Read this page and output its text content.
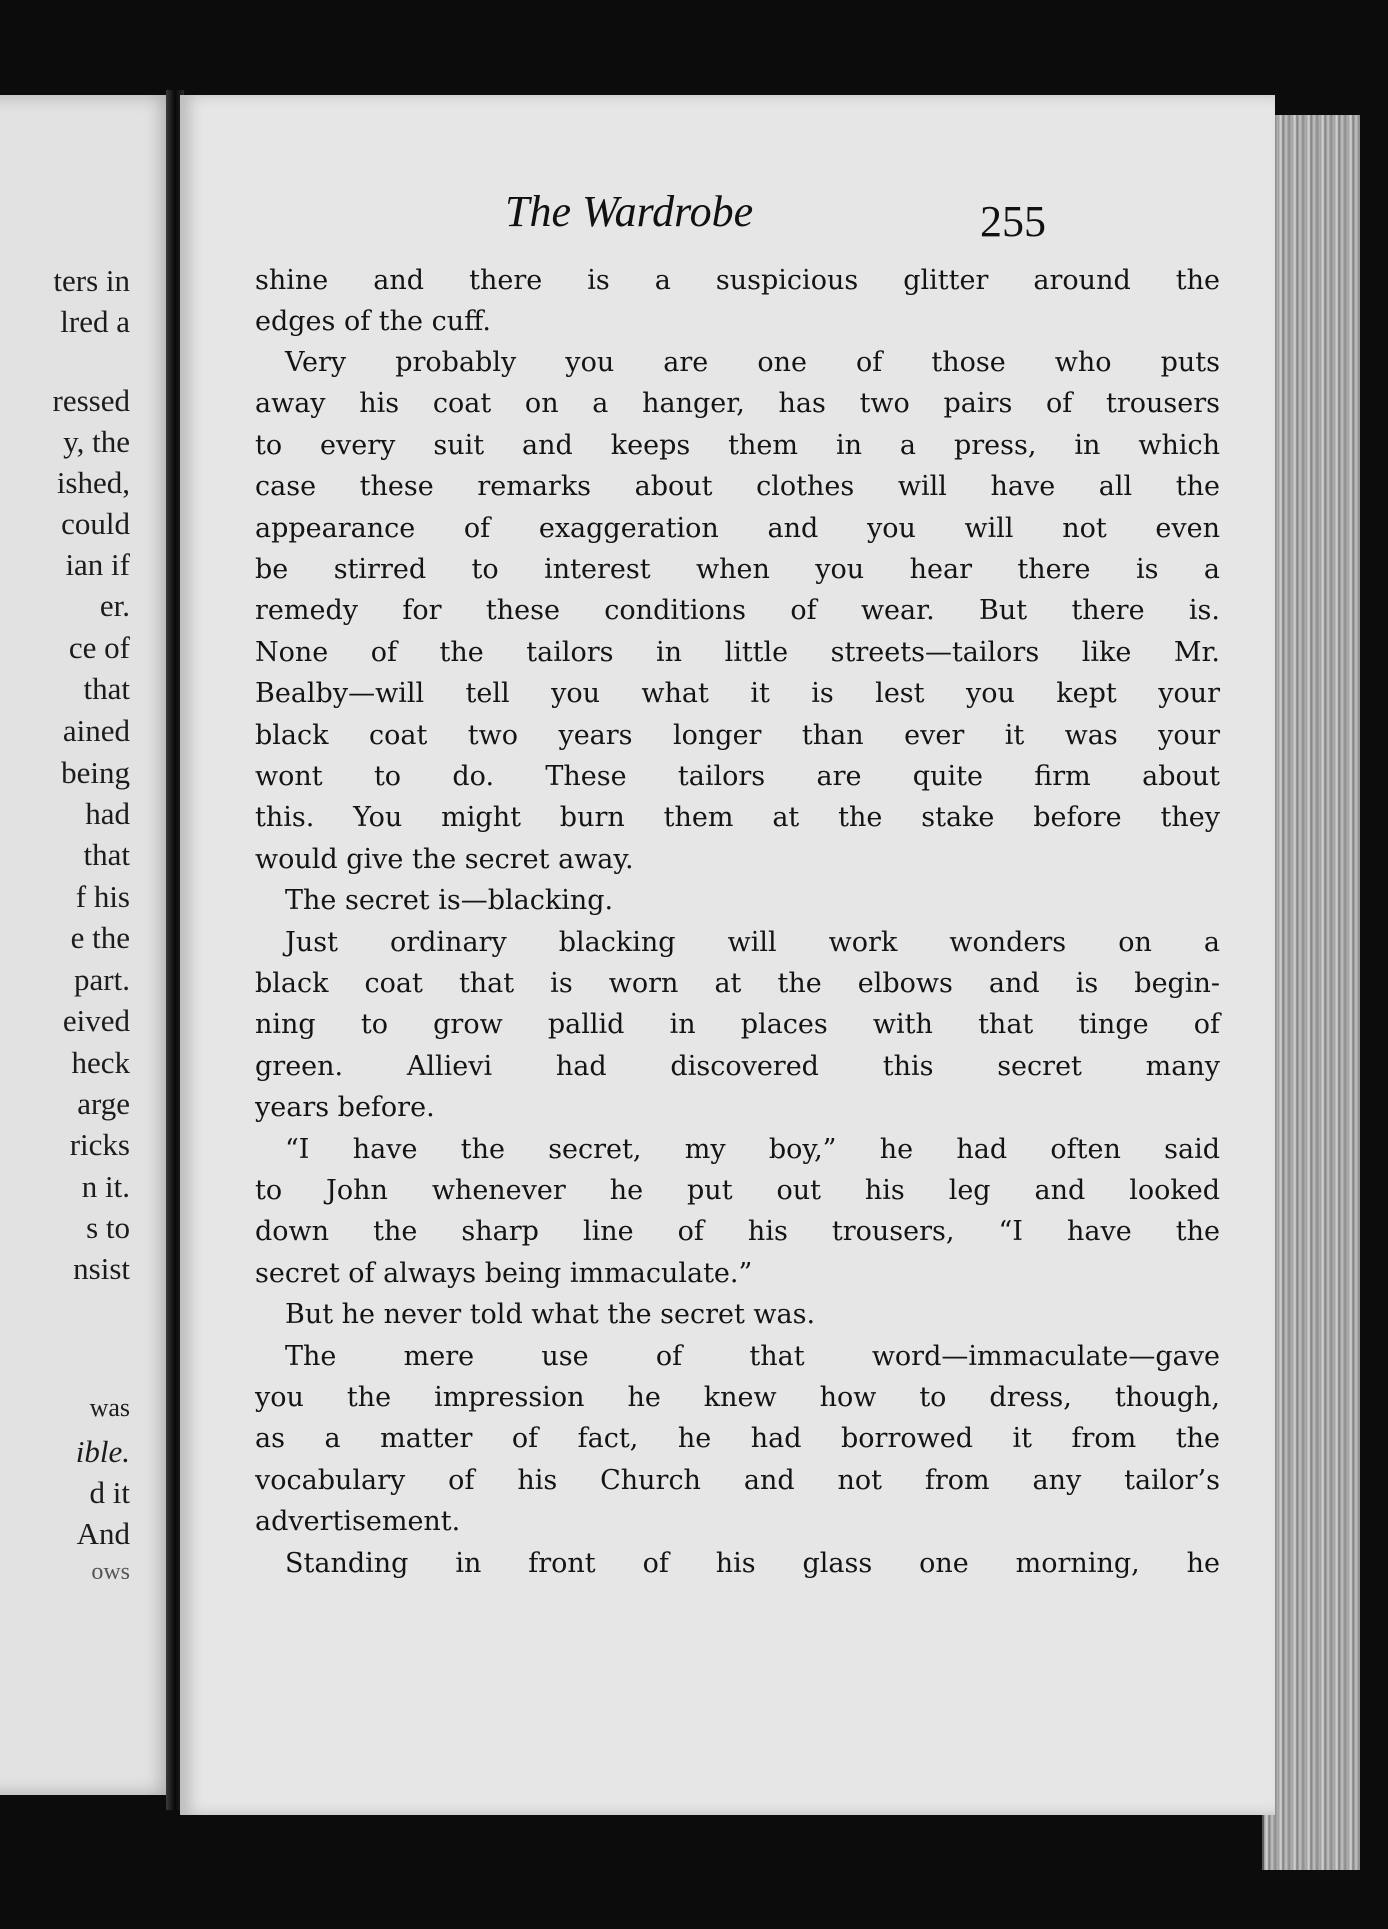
ters in
lred a
ressed
y, the
ished,
could
ian if
er.
ce of
that
ained
being
had
that
f his
e the
part.
eived
heck
arge
ricks
n it.
s to
nsist
was
ible.
d it
And
ows
The Wardrobe	255
shine and there is a suspicious glitter around the
edges of the cuff.
Very probably you are one of those who puts
away his coat on a hanger, has two pairs of trousers
to every suit and keeps them in a press, in which
case these remarks about clothes will have all the
appearance of exaggeration and you will not even
be stirred to interest when you hear there is a
remedy for these conditions of wear. But there is.
None of the tailors in little streets—tailors like Mr.
Bealby—will tell you what it is lest you kept your
black coat two years longer than ever it was your
wont to do. These tailors are quite firm about
this. You might burn them at the stake before they
would give the secret away.
The secret is—blacking.
Just ordinary blacking will work wonders on a
black coat that is worn at the elbows and is begin-
ning to grow pallid in places with that tinge of
green. Allievi had discovered this secret many
years before.
“I have the secret, my boy,” he had often said
to John whenever he put out his leg and looked
down the sharp line of his trousers, “I have the
secret of always being immaculate.”
But he never told what the secret was.
The mere use of that word—immaculate—gave
you the impression he knew how to dress, though,
as a matter of fact, he had borrowed it from the
vocabulary of his Church and not from any tailor’s
advertisement.
Standing in front of his glass one morning, he
